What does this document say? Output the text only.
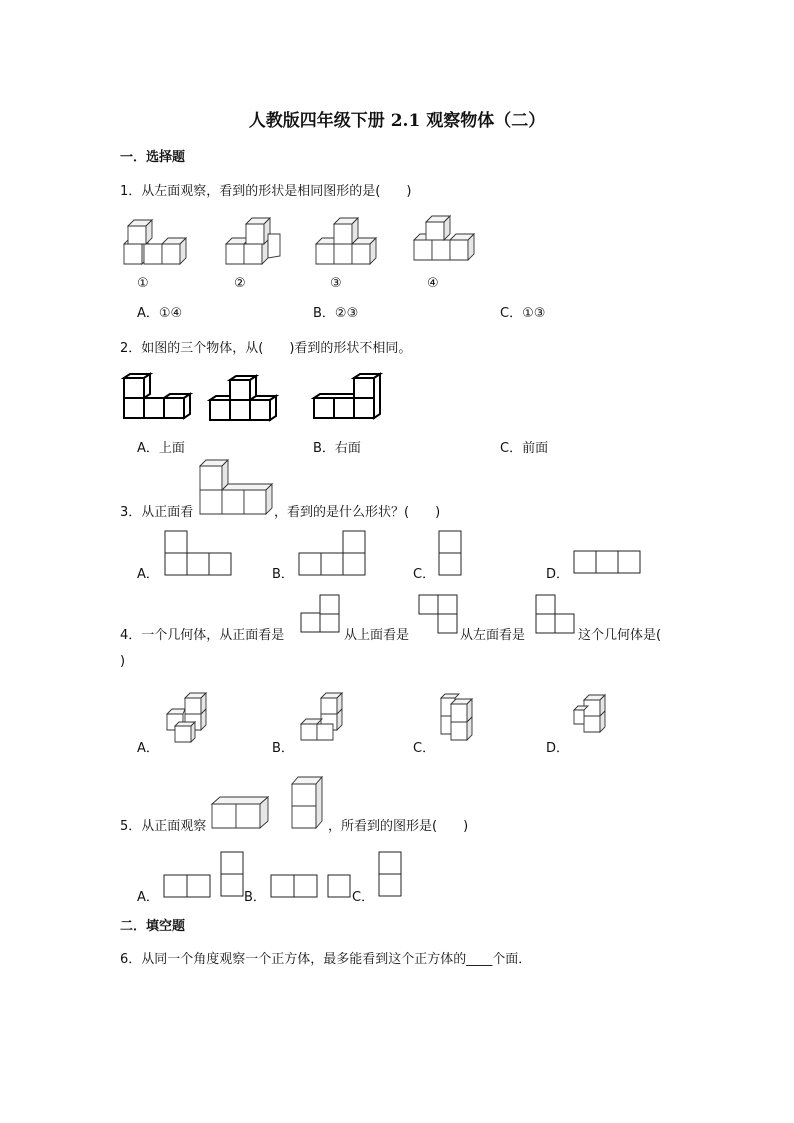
人教版四年级下册 2.1 观察物体（二）
一．选择题
1．从左面观察，看到的形状是相同图形的是(　　)
①	②	③	④
A．①④	B．②③	C．①③
2．如图的三个物体，从(　　)看到的形状不相同。
A．上面	B．右面	C．前面
3．从正面看	，看到的是什么形状？(　　)
A．	B．	C．	D．
4．一个几何体，从正面看是	从上面看是	从左面看是	这个几何体是(
)
A．	B．	C．	D．
5．从正面观察	，所看到的图形是(　　)
A．	B．	C．
二．填空题
6．从同一个角度观察一个正方体，最多能看到这个正方体的____个面．
